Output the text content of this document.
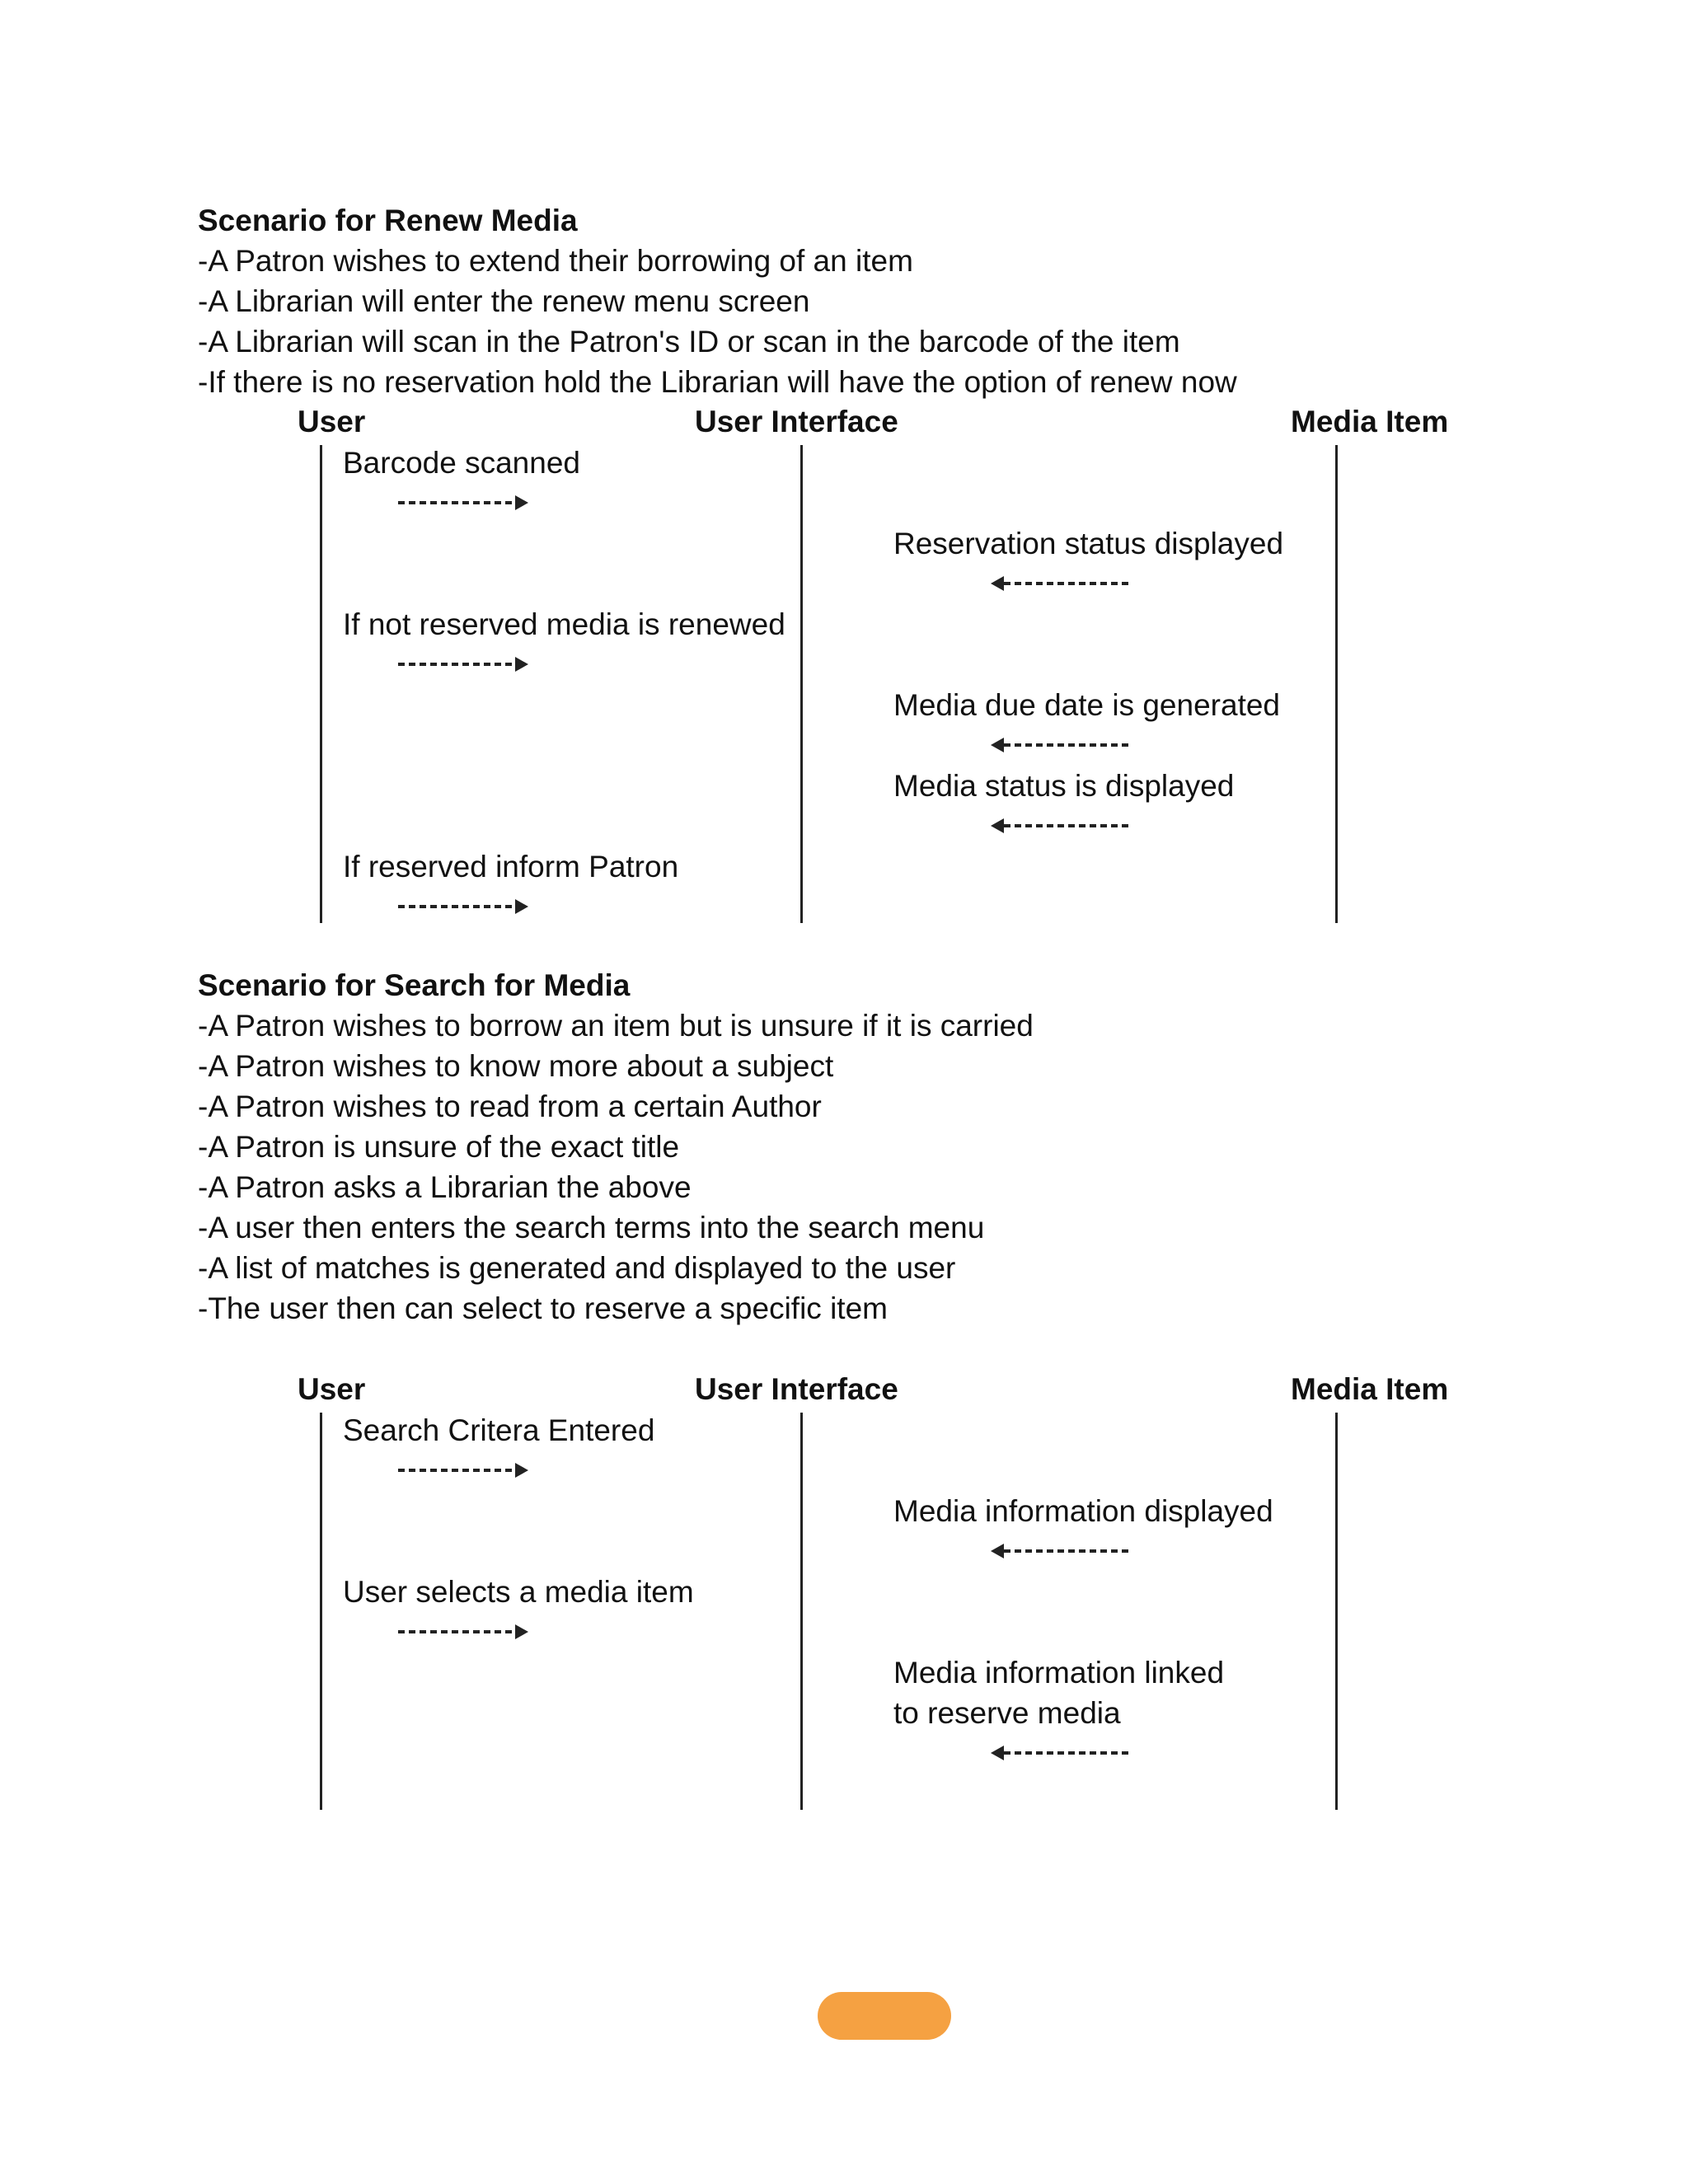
Scenario for Renew Media
-A Patron wishes to extend their borrowing of an item
-A Librarian will enter the renew menu screen
-A Librarian will scan in the Patron's ID or scan in the barcode of the item
-If there is no reservation hold the Librarian will have the option of renew now
User	User Interface	Media Item
Barcode scanned
Reservation status displayed
If not reserved media is renewed
Media due date is generated
Media status is displayed
If reserved inform Patron
Scenario for Search for Media
-A Patron wishes to borrow an item but is unsure if it is carried
-A Patron wishes to know more about a subject
-A Patron wishes to read from a certain Author
-A Patron is unsure of the exact title
-A Patron asks a Librarian the above
-A user then enters the search terms into the search menu
-A list of matches is generated and displayed to the user
-The user then can select to reserve a specific item
User	User Interface	Media Item
Search Critera Entered
Media information displayed
User selects a media item
Media information linked
to reserve media
